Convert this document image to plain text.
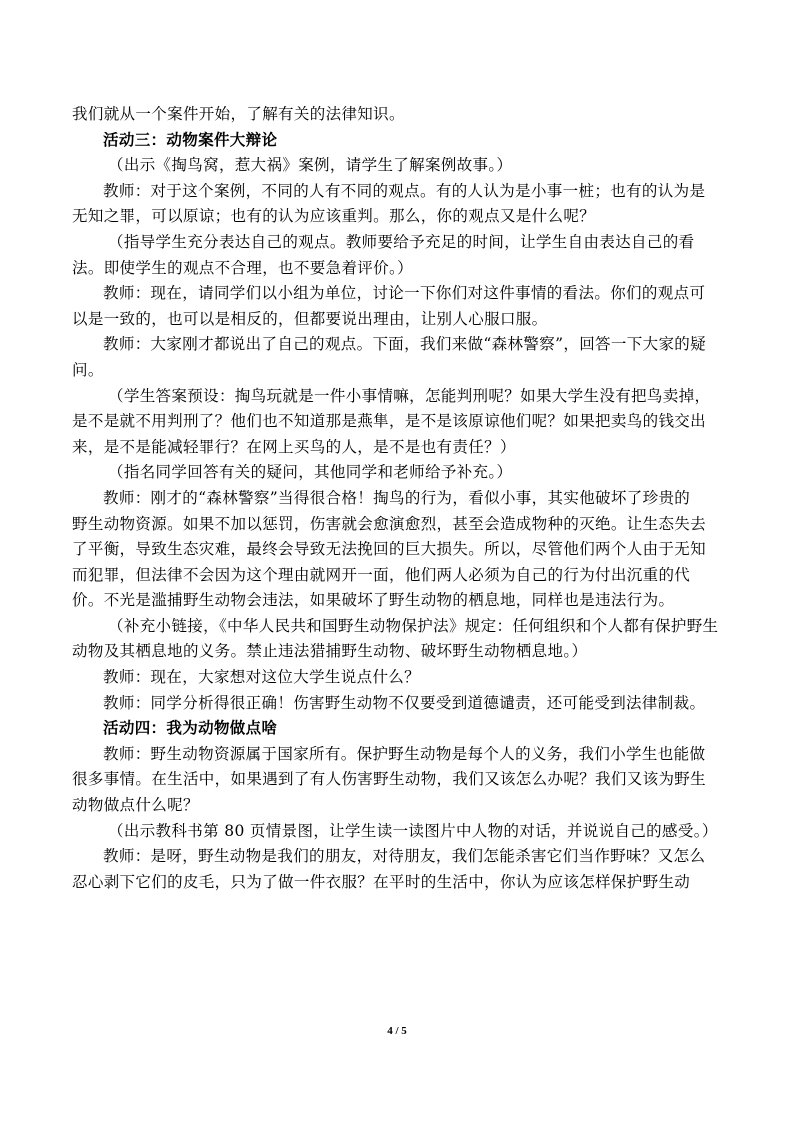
我们就从一个案件开始，了解有关的法律知识。
活动三：动物案件大辩论
（出示《掏鸟窝，惹大祸》案例，请学生了解案例故事。）
教师：对于这个案例，不同的人有不同的观点。有的人认为是小事一桩；也有的认为是
无知之罪，可以原谅；也有的认为应该重判。那么，你的观点又是什么呢？
（指导学生充分表达自己的观点。教师要给予充足的时间，让学生自由表达自己的看
法。即使学生的观点不合理，也不要急着评价。）
教师：现在，请同学们以小组为单位，讨论一下你们对这件事情的看法。你们的观点可
以是一致的，也可以是相反的，但都要说出理由，让别人心服口服。
教师：大家刚才都说出了自己的观点。下面，我们来做“森林警察”，回答一下大家的疑
问。
（学生答案预设：掏鸟玩就是一件小事情嘛，怎能判刑呢？如果大学生没有把鸟卖掉，
是不是就不用判刑了？他们也不知道那是燕隼，是不是该原谅他们呢？如果把卖鸟的钱交出
来，是不是能减轻罪行？在网上买鸟的人，是不是也有责任？）
（指名同学回答有关的疑问，其他同学和老师给予补充。）
教师：刚才的“森林警察”当得很合格！掏鸟的行为，看似小事，其实他破坏了珍贵的
野生动物资源。如果不加以惩罚，伤害就会愈演愈烈，甚至会造成物种的灭绝。让生态失去
了平衡，导致生态灾难，最终会导致无法挽回的巨大损失。所以，尽管他们两个人由于无知
而犯罪，但法律不会因为这个理由就网开一面，他们两人必须为自己的行为付出沉重的代
价。不光是滥捕野生动物会违法，如果破坏了野生动物的栖息地，同样也是违法行为。
（补充小链接，《中华人民共和国野生动物保护法》规定：任何组织和个人都有保护野生
动物及其栖息地的义务。禁止违法猎捕野生动物、破坏野生动物栖息地。）
教师：现在，大家想对这位大学生说点什么？
教师：同学分析得很正确！伤害野生动物不仅要受到道德谴责，还可能受到法律制裁。
活动四：我为动物做点啥
教师：野生动物资源属于国家所有。保护野生动物是每个人的义务，我们小学生也能做
很多事情。在生活中，如果遇到了有人伤害野生动物，我们又该怎么办呢？我们又该为野生
动物做点什么呢？
（出示教科书第 80 页情景图，让学生读一读图片中人物的对话，并说说自己的感受。）
教师：是呀，野生动物是我们的朋友，对待朋友，我们怎能杀害它们当作野味？又怎么
忍心剥下它们的皮毛，只为了做一件衣服？在平时的生活中，你认为应该怎样保护野生动
4 / 5
